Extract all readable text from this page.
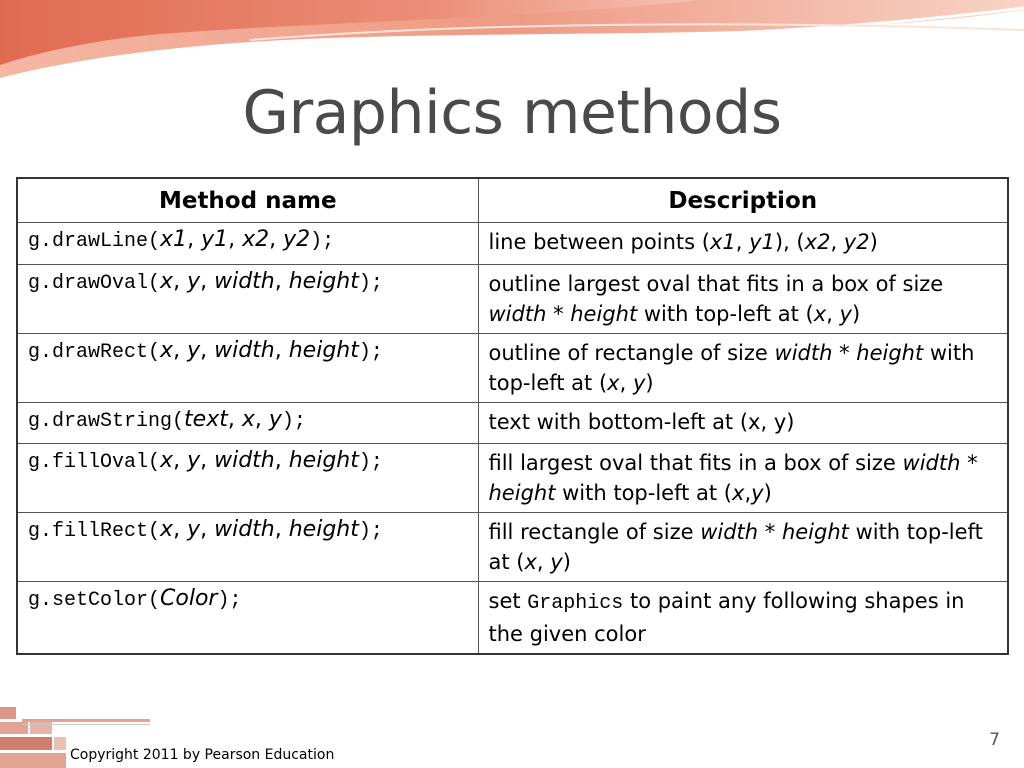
Graphics methods
Method name	Description
g.drawLine(x1, y1, x2, y2);	line between points (x1, y1), (x2, y2)
g.drawOval(x, y, width, height);	outline largest oval that fits in a box of size width * height with top-left at (x, y)
g.drawRect(x, y, width, height);	outline of rectangle of size width * height with top-left at (x, y)
g.drawString(text, x, y);	text with bottom-left at (x, y)
g.fillOval(x, y, width, height);	fill largest oval that fits in a box of size width * height with top-left at (x,y)
g.fillRect(x, y, width, height);	fill rectangle of size width * height with top-left at (x, y)
g.setColor(Color);	set Graphics to paint any following shapes in the given color
Copyright 2011 by Pearson Education
7
